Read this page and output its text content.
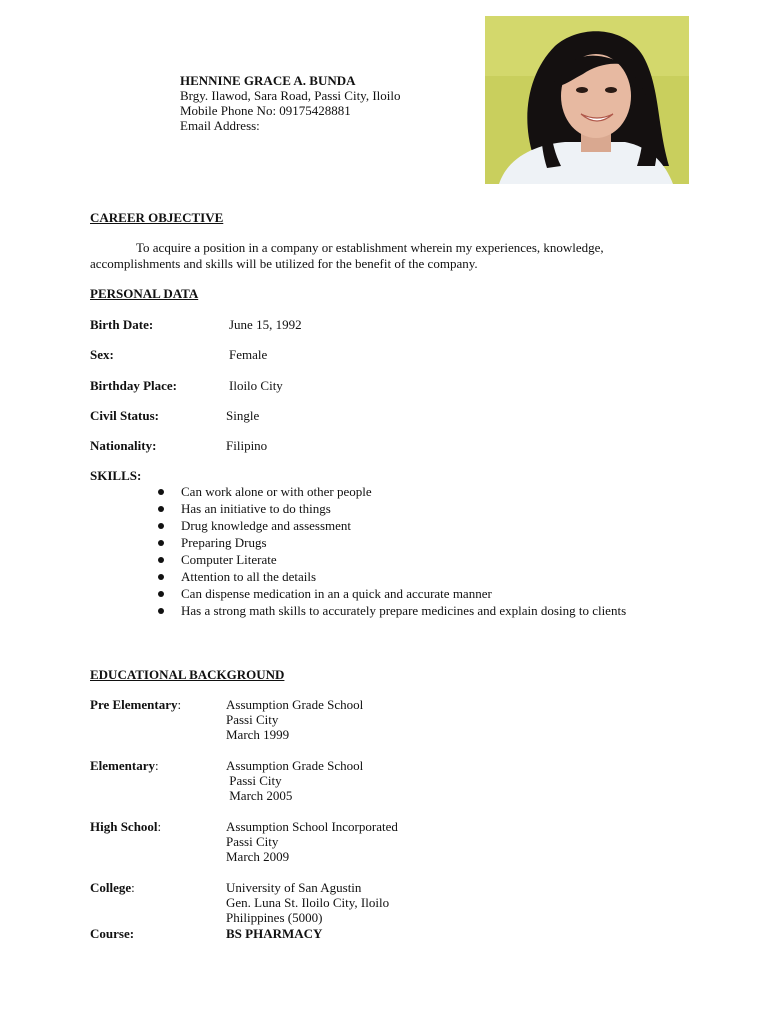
HENNINE GRACE A. BUNDA
Brgy. Ilawod, Sara Road, Passi City, Iloilo
Mobile Phone No: 09175428881
Email Address:
CAREER OBJECTIVE
To acquire a position in a company or establishment wherein my experiences, knowledge, accomplishments and skills will be utilized for the benefit of the company.
PERSONAL DATA
Birth Date:	June 15, 1992
Sex:	Female
Birthday Place:	Iloilo City
Civil Status:	Single
Nationality:	Filipino
SKILLS:
Can work alone or with other people
Has an initiative to do things
Drug knowledge and assessment
Preparing Drugs
Computer Literate
Attention to all the details
Can dispense medication in an a quick and accurate manner
Has a strong math skills to accurately prepare medicines and explain dosing to clients
EDUCATIONAL BACKGROUND
Pre Elementary:	Assumption Grade School
Passi City
March 1999
Elementary:	Assumption Grade School
Passi City
March 2005
High School:	Assumption School Incorporated
Passi City
March 2009
College:	University of San Agustin
Gen. Luna St. Iloilo City, Iloilo
Philippines (5000)
Course:	BS PHARMACY
